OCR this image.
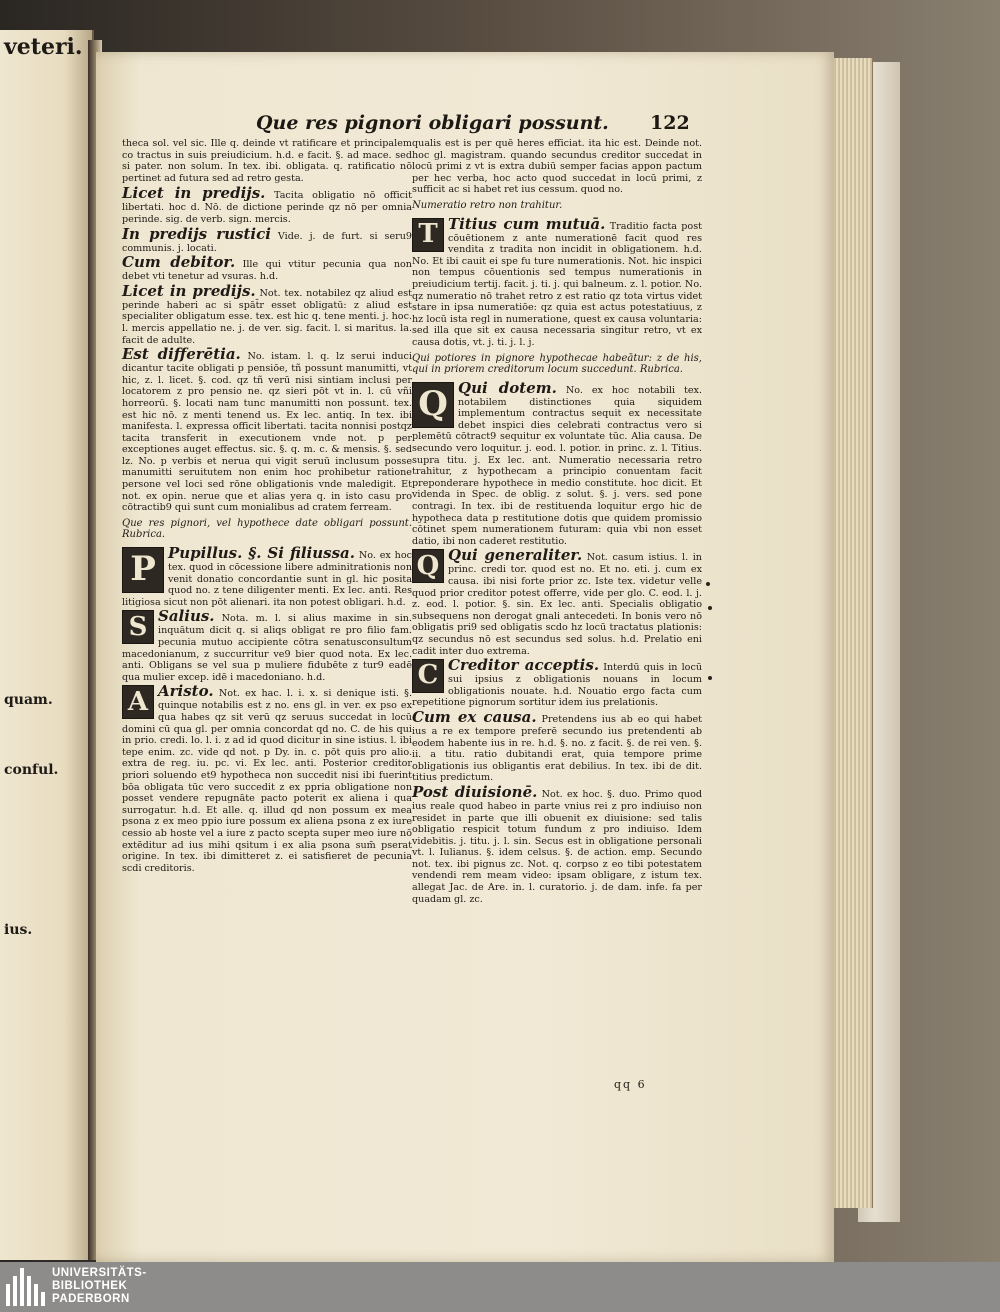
veteri.

quam.
conful.
ius.
Que res pignori obligari possunt.	122

theca sol. vel sic. Ille q. deinde vt ratificare et principalem co tractus in suis preiudicium. h.d. e facit. §. ad mace. sed si pater. non solum. In tex. ibi. obligata. q. ratificatio nō pertinet ad futura sed ad retro gesta.

Licet in predijs. Tacita obligatio nō officit libertati. hoc d. Nō. de dictione perinde qz nō per omnia perinde. sig. de verb. sign. mercis.
In predijs rustici Vide. j. de furt. si seru9 communis. j. locati.
Cum debitor. Ille qui vtitur pecunia qua non debet vti tenetur ad vsuras. h.d.
Licet in predijs. Not. tex. notabilez qz aliud est perinde haberi ac si spāt̄r esset obligatū: z aliud est specialiter obligatum esse. tex. est hic q. tene menti. j. hoc. l. mercis appellatio ne. j. de ver. sig. facit. l. si maritus. la. facit de adulte.
Est differētia. No. istam. l. q. lz serui induci dicantur tacite obligati p pensiōe, tñ possunt manumitti, vt hic, z. l. licet. §. cod. qz tñ verū nisi sintiam inclusi per locatorem z pro pensio ne. qz sieri pōt vt in. l. cū vñi horreorū. §. locati nam tunc manumitti non possunt. tex. est hic nō. z menti tenend us. Ex lec. antiq. In tex. ibi manifesta. l. expressa officit libertati. tacita nonnisi postqz tacita transferit in executionem vnde not. p per exceptiones auget effectus. sic. §. q. m. c. & mensis. §. sed lz. No. p verbis et nerua qui vigit seruū inclusum posse manumitti seruitutem non enim hoc prohibetur ratione persone vel loci sed rōne obligationis vnde maledigit. Et not. ex opin. nerue que et alias yera q. in isto casu pro cōtractib9 qui sunt cum monialibus ad cratem ferream.

Que res pignori, vel hypothece date obligari possunt. Rubrica.

P Pupillus. §. Si filiussa. No. ex hoc tex. quod in cōcessione libere adminitrationis non venit donatio concordantie sunt in gl. hic posita quod no. z tene diligenter menti. Ex lec. anti. Res litigiosa sicut non pōt alienari. ita non potest obligari. h.d.
S Salius. Nota. m. l. si alius maxime in sin. inquātum dicit q. si aliqs obligat re pro filio fam. pecunia mutuo accipiente cōtra senatusconsultum macedonianum, z succurritur ve9 bier quod nota. Ex lec. anti. Obligans se vel sua p muliere fidubēte z tur9 eadē qua mulier excep. idē i macedoniano. h.d.
A Aristo. Not. ex hac. l. i. x. si denique isti. §. quinque notabilis est z no. ens gl. in ver. ex pso ex qua habes qz sit verū qz seruus succedat in locū domini cū qua gl. per omnia concordat qd no. C. de his qui in prio. credi. lo. l. i. z ad id quod dicitur in sine istius. l. ibi tepe enim. zc. vide qd not. p Dy. in. c. pōt quis pro alio. extra de reg. iu. pc. vi. Ex lec. anti. Posterior creditor priori soluendo et9 hypotheca non succedit nisi ibi fuerint bōa obligata tūc vero succedit z ex ppria obligatione non posset vendere repugnāte pacto poterit ex aliena i qua surrogatur. h.d. Et alle. q. illud qd non possum ex mea psona z ex meo ppio iure possum ex aliena psona z ex iure cessio ab hoste vel a iure z pacto scepta super meo iure nō extēditur ad ius mihi qsitum i ex alia psona sum̄ pserat origine. In tex. ibi dimitteret z. ei satisfieret de pecunia scdi creditoris.

qualis est is per quē heres efficiat. ita hic est. Deinde not. hoc gl. magistram. quando secundus creditor succedat in locū primi z vt is extra dubiū semper facias appon pactum per hec verba, hoc acto quod succedat in locū primi, z sufficit ac si habet ret ius cessum. quod no.

Numeratio retro non trahitur.

T Titius cum mutuā. Traditio facta post cōuētionem z ante numerationē facit quod res vendita z tradita non incidit in obligationem. h.d. No. Et ibi cauit ei spe fu ture numerationis. Not. hic inspici non tempus cōuentionis sed tempus numerationis in preiudicium tertij. facit. j. ti. j. qui balneum. z. l. potior. No. qz numeratio nō trahet retro z est ratio qz tota virtus videt stare in ipsa numeratiōe: qz quia est actus potestatiuus, z hz locū ista regl in numeratione, quest ex causa voluntaria: sed illa que sit ex causa necessaria singitur retro, vt ex causa dotis, vt. j. ti. j. l. j.

Qui potiores in pignore hypothecae habeātur: z de his, qui in priorem creditorum locum succedunt. Rubrica.

Q Qui dotem. No. ex hoc notabili tex. notabilem distinctiones quia siquidem implementum contractus sequit ex necessitate debet inspici dies celebrati contractus vero si plemētū cōtract9 sequitur ex voluntate tūc. Alia causa. De secundo vero loquitur. j. eod. l. potior. in princ. z. l. Titius. supra titu. j. Ex lec. ant. Numeratio necessaria retro trahitur, z hypothecam a principio conuentam facit preponderare hypothece in medio constitute. hoc dicit. Et videnda in Spec. de oblig. z solut. §. j. vers. sed pone contragi. In tex. ibi de restituenda loquitur ergo hic de hypotheca data p restitutione dotis que quidem promissio cōtinet spem numerationem futuram: quia vbi non esset datio, ibi non caderet restitutio.
Q Qui generaliter. Not. casum istius. l. in princ. credi tor. quod est no. Et no. eti. j. cum ex causa. ibi nisi forte prior zc. Iste tex. videtur velle quod prior creditor potest offerre, vide per glo. C. eod. l. j. z. eod. l. potior. §. sin. Ex lec. anti. Specialis obligatio subsequens non derogat gnali antecedeti. In bonis vero nō obligatis pri9 sed obligatis scdo hz locū tractatus plationis: qz secundus nō est secundus sed solus. h.d. Prelatio eni cadit inter duo extrema.
C Creditor acceptis. Interdū quis in locū sui ipsius z obligationis nouans in locum obligationis nouate. h.d. Nouatio ergo facta cum repetitione pignorum sortitur idem ius prelationis.
Cum ex causa. Pretendens ius ab eo qui habet ius a re ex tempore preferē secundo ius pretendenti ab eodem habente ius in re. h.d. §. no. z facit. §. de rei ven. §. ii. a titu. ratio dubitandi erat, quia tempore prime obligationis ius obligantis erat debilius. In tex. ibi de dit. titius predictum.
Post diuisionē. Not. ex hoc. §. duo. Primo quod ius reale quod habeo in parte vnius rei z pro indiuiso non residet in parte que illi obuenit ex diuisione: sed talis obligatio respicit totum fundum z pro indiuiso. Idem videbitis. j. titu. j. l. sin. Secus est in obligatione personali vt. l. Iulianus. §. idem celsus. §. de action. emp. Secundo not. tex. ibi pignus zc. Not. q. corpso z eo tibi potestatem vendendi rem meam video: ipsam obligare, z istum tex. allegat Jac. de Are. in. l. curatorio. j. de dam. infe. fa per quadam gl. zc.
qq 6
UNIVERSITÄTS-
BIBLIOTHEK
PADERBORN
